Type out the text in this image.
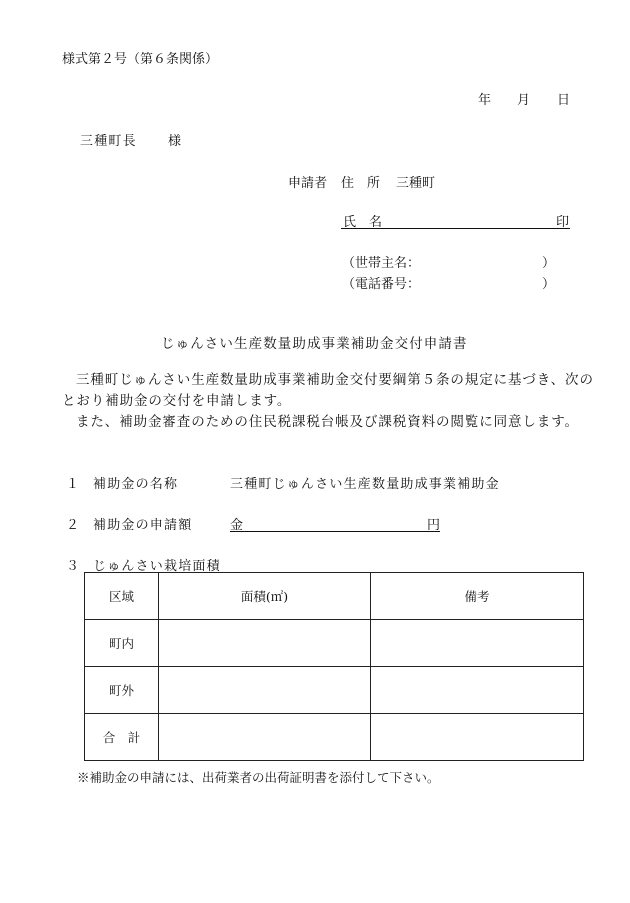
様式第２号（第６条関係）
年 月 日
三種町長 様
申請者 住　所 三種町
氏　名	印
（世帯主名：	）
（電話番号：	）
じゅんさい生産数量助成事業補助金交付申請書

三種町じゅんさい生産数量助成事業補助金交付要綱第５条の規定に基づき、次のとおり補助金の交付を申請します。

また、補助金審査のための住民税課税台帳及び課税資料の閲覧に同意します。

１ 補助金の名称	三種町じゅんさい生産数量助成事業補助金
２ 補助金の申請額	金	円
３ じゅんさい栽培面積
区域	面積(㎡)	備考
町内		
町外		
合　計		
※補助金の申請には、出荷業者の出荷証明書を添付して下さい。
